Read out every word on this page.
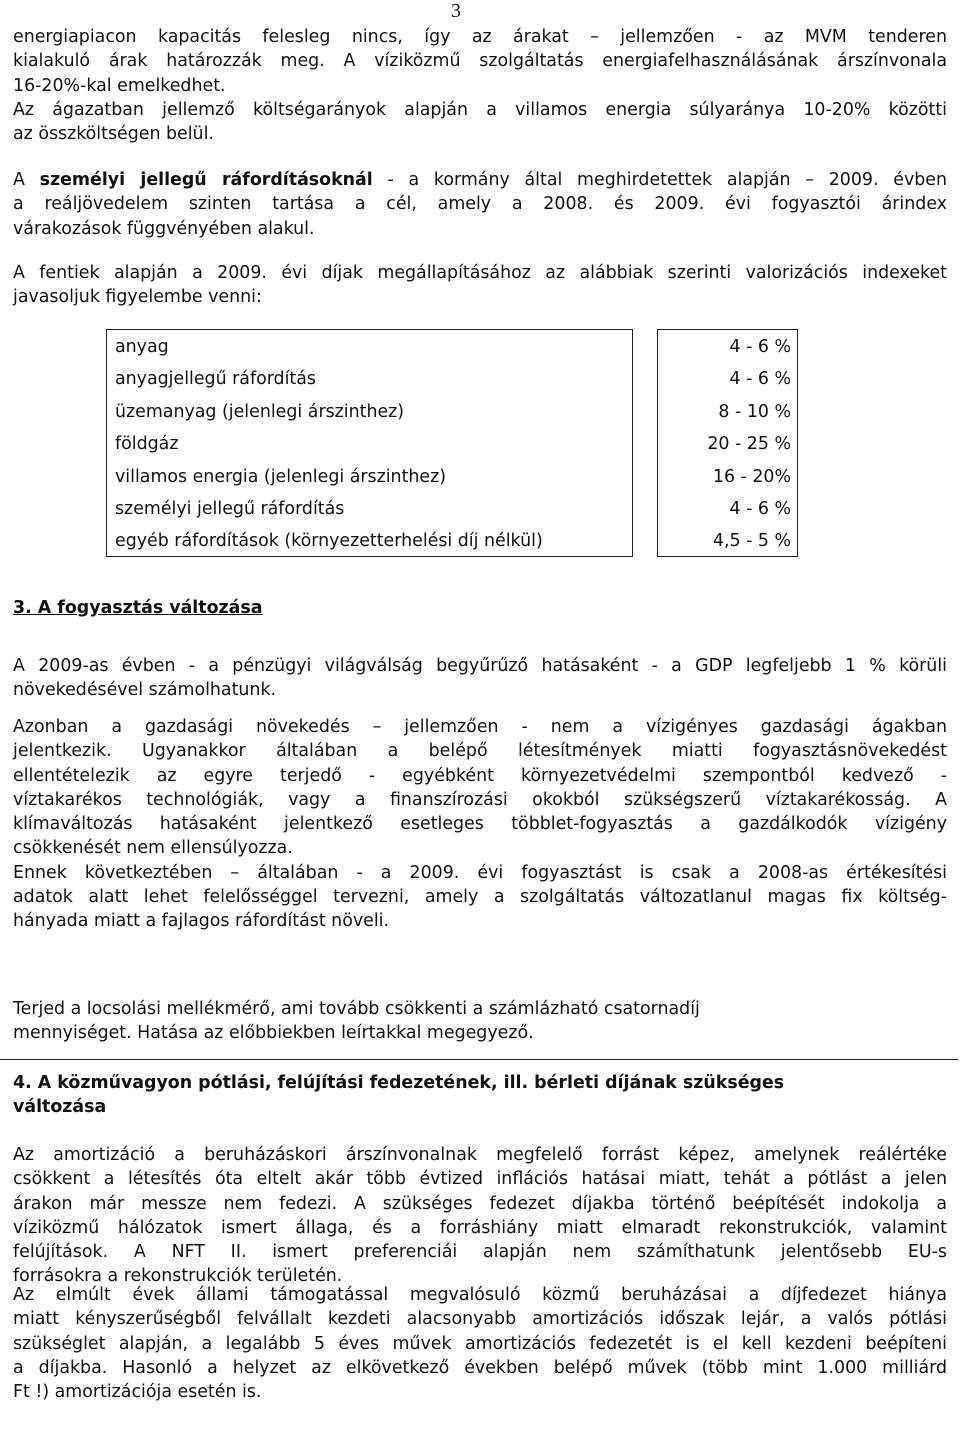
3
energiapiacon kapacitás felesleg nincs, így az árakat – jellemzően - az MVM tenderen
kialakuló árak határozzák meg. A víziközmű szolgáltatás energiafelhasználásának árszínvonala
16-20%-kal emelkedhet.
Az ágazatban jellemző költségarányok alapján a villamos energia súlyaránya 10-20% közötti
az összköltségen belül.
A személyi jellegű ráfordításoknál - a kormány által meghirdetettek alapján – 2009. évben
a reáljövedelem szinten tartása a cél, amely a 2008. és 2009. évi fogyasztói árindex
várakozások függvényében alakul.
A fentiek alapján a 2009. évi díjak megállapításához az alábbiak szerinti valorizációs indexeket
javasoljuk figyelembe venni:
anyag	4 - 6 %
anyagjellegű ráfordítás	4 - 6 %
üzemanyag (jelenlegi árszinthez)	8 - 10 %
földgáz	20 - 25 %
villamos energia (jelenlegi árszinthez)	16 - 20%
személyi jellegű ráfordítás	4 - 6 %
egyéb ráfordítások (környezetterhelési díj nélkül)	4,5 - 5 %
3. A fogyasztás változása
A 2009-as évben - a pénzügyi világválság begyűrűző hatásaként - a GDP legfeljebb 1 % körüli
növekedésével számolhatunk.
Azonban a gazdasági növekedés – jellemzően - nem a vízigényes gazdasági ágakban
jelentkezik. Ugyanakkor általában a belépő létesítmények miatti fogyasztásnövekedést
ellentételezik az egyre terjedő - egyébként környezetvédelmi szempontból kedvező -
víztakarékos technológiák, vagy a finanszírozási okokból szükségszerű víztakarékosság. A
klímaváltozás hatásaként jelentkező esetleges többlet-fogyasztás a gazdálkodók vízigény
csökkenését nem ellensúlyozza.
Ennek következtében – általában - a 2009. évi fogyasztást is csak a 2008-as értékesítési
adatok alatt lehet felelősséggel tervezni, amely a szolgáltatás változatlanul magas fix költség-
hányada miatt a fajlagos ráfordítást növeli.
Terjed a locsolási mellékmérő, ami tovább csökkenti a számlázható csatornadíj
mennyiséget. Hatása az előbbiekben leírtakkal megegyező.
4. A közművagyon pótlási, felújítási fedezetének, ill. bérleti díjának szükséges
változása
Az amortizáció a beruházáskori árszínvonalnak megfelelő forrást képez, amelynek reálértéke
csökkent a létesítés óta eltelt akár több évtized inflációs hatásai miatt, tehát a pótlást a jelen
árakon már messze nem fedezi. A szükséges fedezet díjakba történő beépítését indokolja a
víziközmű hálózatok ismert állaga, és a forráshiány miatt elmaradt rekonstrukciók, valamint
felújítások. A NFT II. ismert preferenciái alapján nem számíthatunk jelentősebb EU-s
forrásokra a rekonstrukciók területén.
Az elmúlt évek állami támogatással megvalósuló közmű beruházásai a díjfedezet hiánya
miatt kényszerűségből felvállalt kezdeti alacsonyabb amortizációs időszak lejár, a valós pótlási
szükséglet alapján, a legalább 5 éves művek amortizációs fedezetét is el kell kezdeni beépíteni
a díjakba. Hasonló a helyzet az elkövetkező években belépő művek (több mint 1.000 milliárd
Ft !) amortizációja esetén is.
